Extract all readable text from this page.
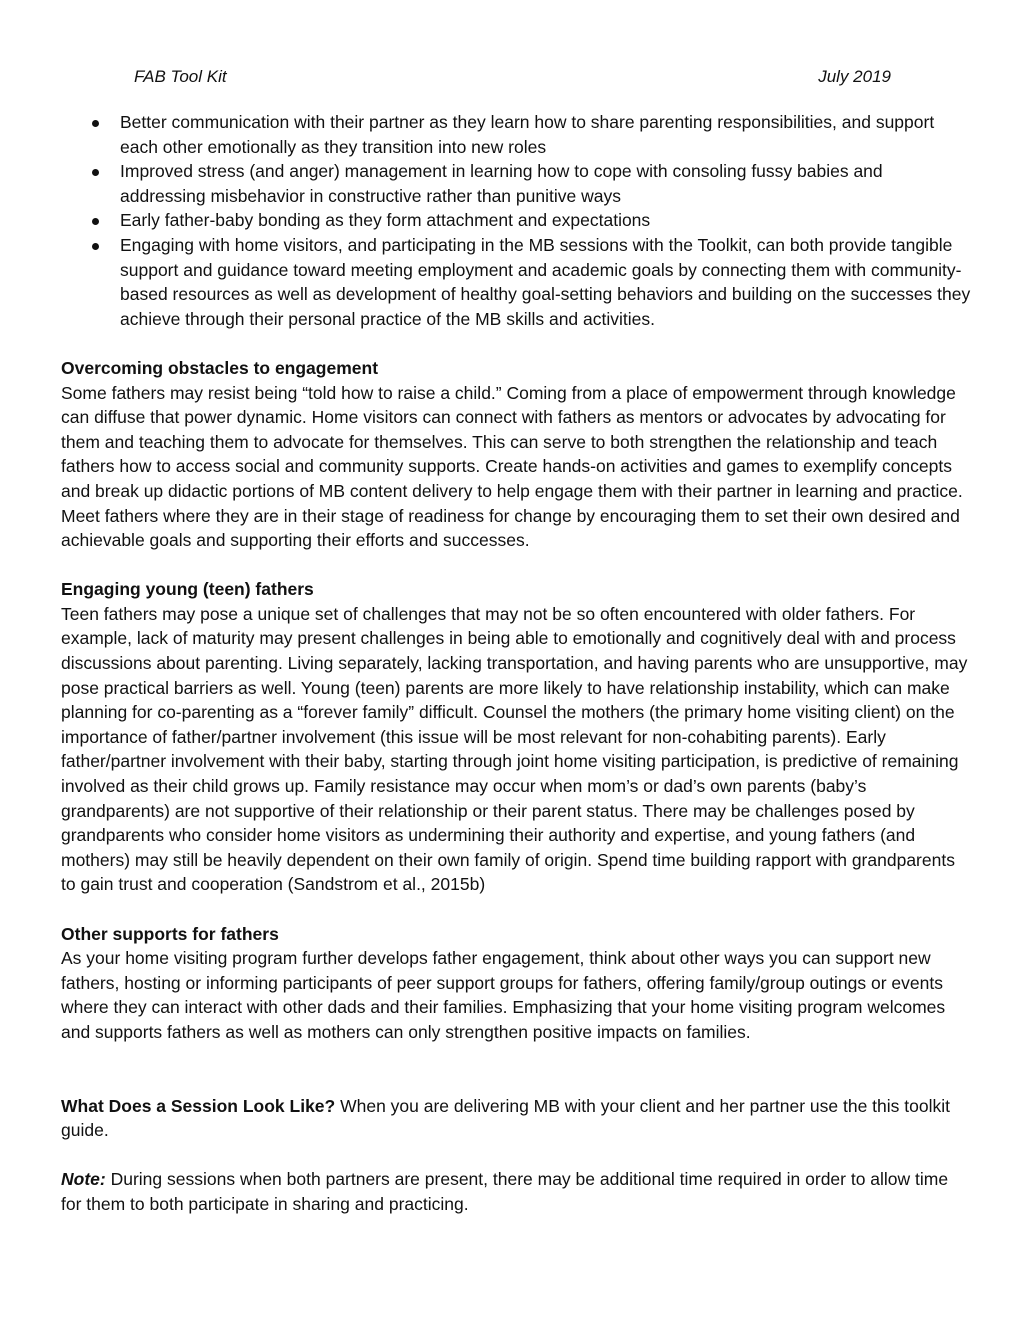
FAB Tool Kit	July 2019
Better communication with their partner as they learn how to share parenting responsibilities, and support each other emotionally as they transition into new roles
Improved stress (and anger) management in learning how to cope with consoling fussy babies and addressing misbehavior in constructive rather than punitive ways
Early father-baby bonding as they form attachment and expectations
Engaging with home visitors, and participating in the MB sessions with the Toolkit, can both provide tangible support and guidance toward meeting employment and academic goals by connecting them with community-based resources as well as development of healthy goal-setting behaviors and building on the successes they achieve through their personal practice of the MB skills and activities.

Overcoming obstacles to engagement

Some fathers may resist being “told how to raise a child.” Coming from a place of empowerment through knowledge can diffuse that power dynamic. Home visitors can connect with fathers as mentors or advocates by advocating for them and teaching them to advocate for themselves. This can serve to both strengthen the relationship and teach fathers how to access social and community supports. Create hands-on activities and games to exemplify concepts and break up didactic portions of MB content delivery to help engage them with their partner in learning and practice. Meet fathers where they are in their stage of readiness for change by encouraging them to set their own desired and achievable goals and supporting their efforts and successes.

Engaging young (teen) fathers

Teen fathers may pose a unique set of challenges that may not be so often encountered with older fathers. For example, lack of maturity may present challenges in being able to emotionally and cognitively deal with and process discussions about parenting. Living separately, lacking transportation, and having parents who are unsupportive, may pose practical barriers as well. Young (teen) parents are more likely to have relationship instability, which can make planning for co-parenting as a “forever family” difficult. Counsel the mothers (the primary home visiting client) on the importance of father/partner involvement (this issue will be most relevant for non-cohabiting parents). Early father/partner involvement with their baby, starting through joint home visiting participation, is predictive of remaining involved as their child grows up. Family resistance may occur when mom’s or dad’s own parents (baby’s grandparents) are not supportive of their relationship or their parent status. There may be challenges posed by grandparents who consider home visitors as undermining their authority and expertise, and young fathers (and mothers) may still be heavily dependent on their own family of origin. Spend time building rapport with grandparents to gain trust and cooperation (Sandstrom et al., 2015b)

Other supports for fathers

As your home visiting program further develops father engagement, think about other ways you can support new fathers, hosting or informing participants of peer support groups for fathers, offering family/group outings or events where they can interact with other dads and their families. Emphasizing that your home visiting program welcomes and supports fathers as well as mothers can only strengthen positive impacts on families.

What Does a Session Look Like? When you are delivering MB with your client and her partner use the this toolkit guide.

Note: During sessions when both partners are present, there may be additional time required in order to allow time for them to both participate in sharing and practicing.
